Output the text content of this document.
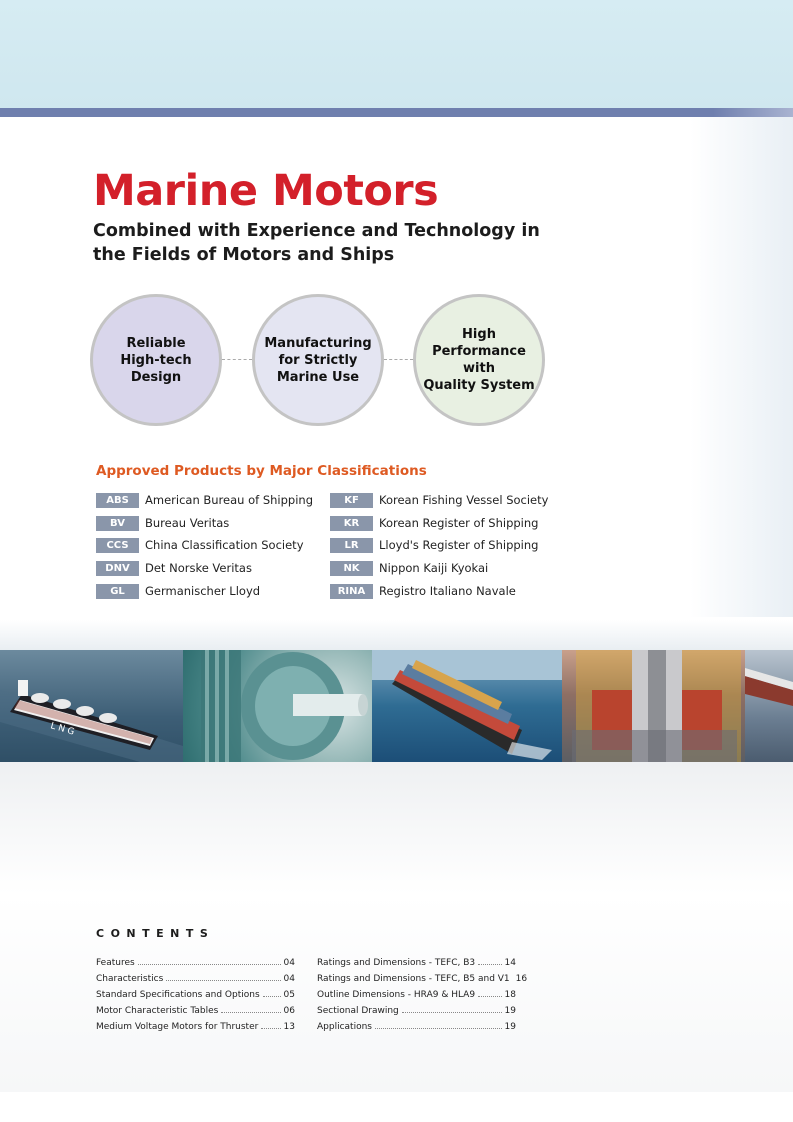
Marine Motors
Combined with Experience and Technology in the Fields of Motors and Ships
Reliable
High-tech Design
Manufacturing
for Strictly
Marine Use
High Performance
with
Quality System
Approved Products by Major Classifications
ABS	American Bureau of Shipping
BV	Bureau Veritas
CCS	China Classification Society
DNV	Det Norske Veritas
GL	Germanischer Lloyd
KF	Korean Fishing Vessel Society
KR	Korean Register of Shipping
LR	Lloyd's Register of Shipping
NK	Nippon Kaiji Kyokai
RINA	Registro Italiano Navale
L N G
CONTENTS
Features	04
Characteristics	04
Standard Specifications and Options	05
Motor Characteristic Tables	06
Medium Voltage Motors for Thruster	13
Ratings and Dimensions - TEFC, B3	14
Ratings and Dimensions - TEFC, B5 and V1 16
Outline Dimensions - HRA9 & HLA9	18
Sectional Drawing	19
Applications	19
